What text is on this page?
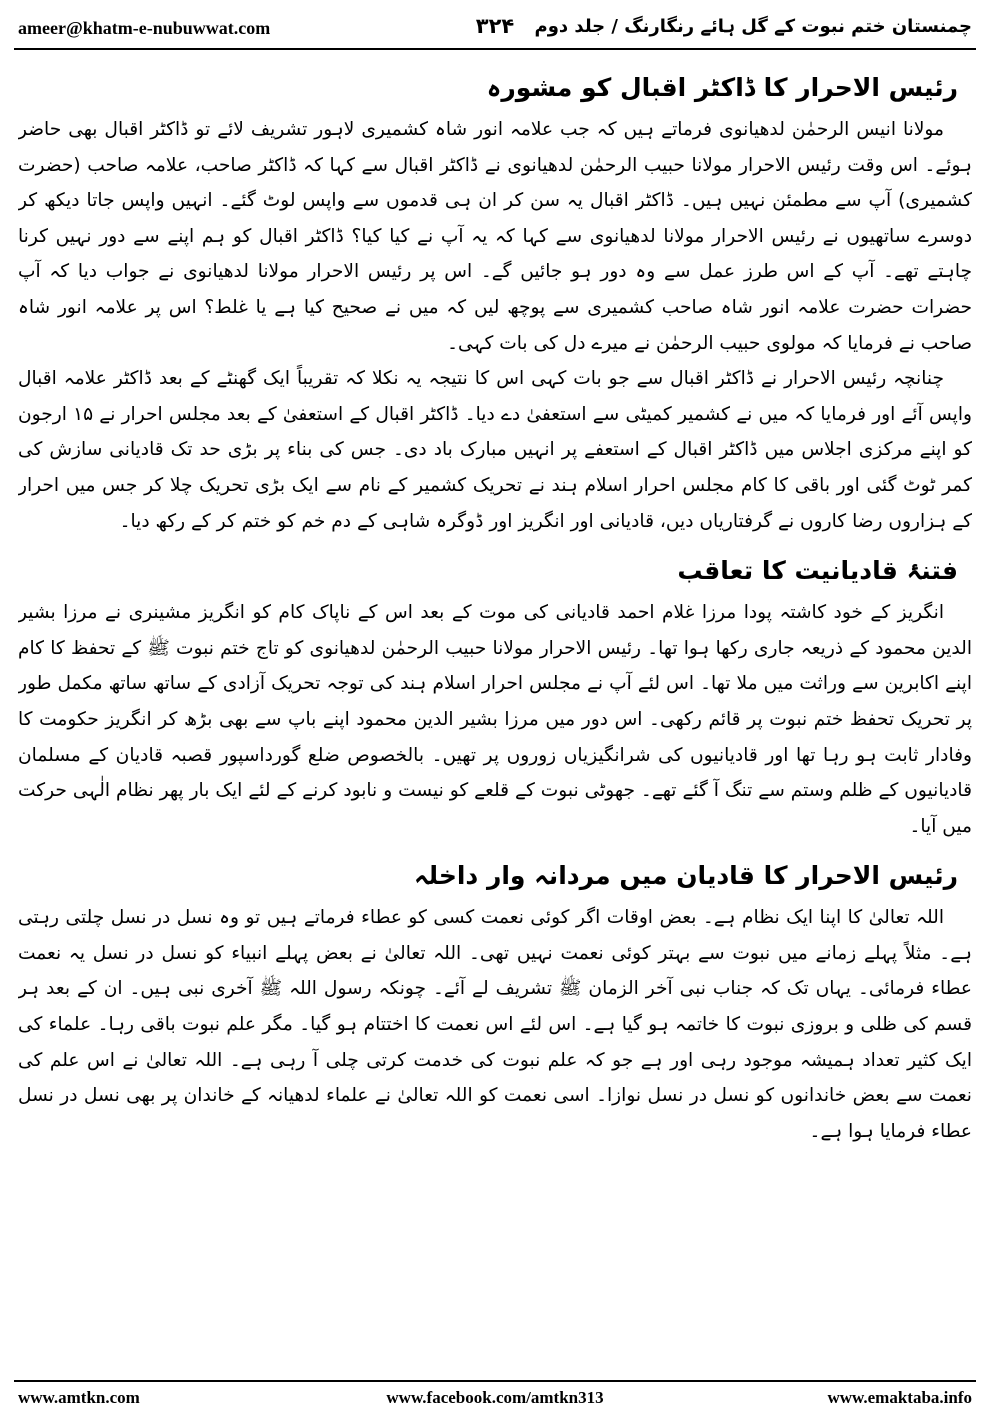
ameer@khatm-e-nubuwwat.com	۳۲۴	چمنستان ختم نبوت کے گل ہائے رنگارنگ / جلد دوم
رئیس الاحرار کا ڈاکٹر اقبال کو مشورہ

مولانا انیس الرحمٰن لدھیانوی فرماتے ہیں کہ جب علامہ انور شاہ کشمیری لاہور تشریف لائے تو ڈاکٹر اقبال بھی حاضر ہوئے۔ اس وقت رئیس الاحرار مولانا حبیب الرحمٰن لدھیانوی نے ڈاکٹر اقبال سے کہا کہ ڈاکٹر صاحب، علامہ صاحب (حضرت کشمیری) آپ سے مطمئن نہیں ہیں۔ ڈاکٹر اقبال یہ سن کر ان ہی قدموں سے واپس لوٹ گئے۔ انہیں واپس جاتا دیکھ کر دوسرے ساتھیوں نے رئیس الاحرار مولانا لدھیانوی سے کہا کہ یہ آپ نے کیا کیا؟ ڈاکٹر اقبال کو ہم اپنے سے دور نہیں کرنا چاہتے تھے۔ آپ کے اس طرز عمل سے وہ دور ہو جائیں گے۔ اس پر رئیس الاحرار مولانا لدھیانوی نے جواب دیا کہ آپ حضرات حضرت علامہ انور شاہ صاحب کشمیری سے پوچھ لیں کہ میں نے صحیح کیا ہے یا غلط؟ اس پر علامہ انور شاہ صاحب نے فرمایا کہ مولوی حبیب الرحمٰن نے میرے دل کی بات کہی۔

چنانچہ رئیس الاحرار نے ڈاکٹر اقبال سے جو بات کہی اس کا نتیجہ یہ نکلا کہ تقریباً ایک گھنٹے کے بعد ڈاکٹر علامہ اقبال واپس آئے اور فرمایا کہ میں نے کشمیر کمیٹی سے استعفیٰ دے دیا۔ ڈاکٹر اقبال کے استعفیٰ کے بعد مجلس احرار نے ۱۵ ارجون کو اپنے مرکزی اجلاس میں ڈاکٹر اقبال کے استعفے پر انہیں مبارک باد دی۔ جس کی بناء پر بڑی حد تک قادیانی سازش کی کمر ٹوٹ گئی اور باقی کا کام مجلس احرار اسلام ہند نے تحریک کشمیر کے نام سے ایک بڑی تحریک چلا کر جس میں احرار کے ہزاروں رضا کاروں نے گرفتاریاں دیں، قادیانی اور انگریز اور ڈوگرہ شاہی کے دم خم کو ختم کر کے رکھ دیا۔

فتنۂ قادیانیت کا تعاقب

انگریز کے خود کاشتہ پودا مرزا غلام احمد قادیانی کی موت کے بعد اس کے ناپاک کام کو انگریز مشینری نے مرزا بشیر الدین محمود کے ذریعہ جاری رکھا ہوا تھا۔ رئیس الاحرار مولانا حبیب الرحمٰن لدھیانوی کو تاج ختم نبوت ﷺ کے تحفظ کا کام اپنے اکابرین سے وراثت میں ملا تھا۔ اس لئے آپ نے مجلس احرار اسلام ہند کی توجہ تحریک آزادی کے ساتھ ساتھ مکمل طور پر تحریک تحفظ ختم نبوت پر قائم رکھی۔ اس دور میں مرزا بشیر الدین محمود اپنے باپ سے بھی بڑھ کر انگریز حکومت کا وفادار ثابت ہو رہا تھا اور قادیانیوں کی شرانگیزیاں زوروں پر تھیں۔ بالخصوص ضلع گورداسپور قصبہ قادیان کے مسلمان قادیانیوں کے ظلم وستم سے تنگ آ گئے تھے۔ جھوٹی نبوت کے قلعے کو نیست و نابود کرنے کے لئے ایک بار پھر نظام الٰہی حرکت میں آیا۔

رئیس الاحرار کا قادیان میں مردانہ وار داخلہ

اللہ تعالیٰ کا اپنا ایک نظام ہے۔ بعض اوقات اگر کوئی نعمت کسی کو عطاء فرماتے ہیں تو وہ نسل در نسل چلتی رہتی ہے۔ مثلاً پہلے زمانے میں نبوت سے بہتر کوئی نعمت نہیں تھی۔ اللہ تعالیٰ نے بعض پہلے انبیاء کو نسل در نسل یہ نعمت عطاء فرمائی۔ یہاں تک کہ جناب نبی آخر الزمان ﷺ تشریف لے آئے۔ چونکہ رسول اللہ ﷺ آخری نبی ہیں۔ ان کے بعد ہر قسم کی ظلی و بروزی نبوت کا خاتمہ ہو گیا ہے۔ اس لئے اس نعمت کا اختتام ہو گیا۔ مگر علم نبوت باقی رہا۔ علماء کی ایک کثیر تعداد ہمیشہ موجود رہی اور ہے جو کہ علم نبوت کی خدمت کرتی چلی آ رہی ہے۔ اللہ تعالیٰ نے اس علم کی نعمت سے بعض خاندانوں کو نسل در نسل نوازا۔ اسی نعمت کو اللہ تعالیٰ نے علماء لدھیانہ کے خاندان پر بھی نسل در نسل عطاء فرمایا ہوا ہے۔

www.amtkn.com	www.facebook.com/amtkn313	www.emaktaba.info
